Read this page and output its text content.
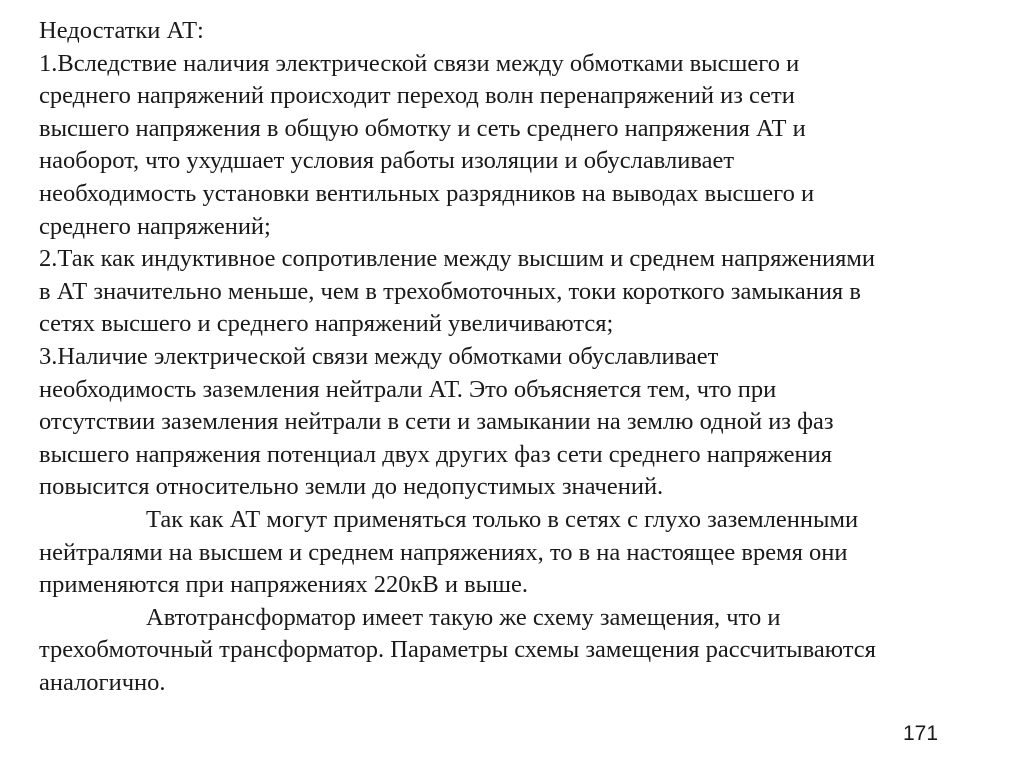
Недостатки АТ:
1.Вследствие наличия электрической связи между обмотками высшего и
среднего напряжений происходит переход волн перенапряжений из сети
высшего напряжения в общую обмотку и сеть среднего напряжения АТ и
наоборот, что ухудшает условия работы изоляции и обуславливает
необходимость установки вентильных разрядников на выводах высшего и
среднего напряжений;
2.Так как индуктивное сопротивление между высшим и среднем напряжениями
в АТ значительно меньше, чем в трехобмоточных, токи короткого замыкания в
сетях высшего и среднего напряжений увеличиваются;
3.Наличие электрической связи между обмотками обуславливает
необходимость заземления нейтрали АТ. Это объясняется тем, что при
отсутствии заземления нейтрали в сети и замыкании на землю одной из фаз
высшего напряжения потенциал двух других фаз сети среднего напряжения
повысится относительно земли до недопустимых значений.
Так как АТ могут применяться только в сетях с глухо заземленными
нейтралями на высшем и среднем напряжениях, то в на настоящее время они
применяются при напряжениях 220кВ и выше.
Автотрансформатор имеет такую же схему замещения, что и
трехобмоточный трансформатор. Параметры схемы замещения рассчитываются
аналогично.
171
